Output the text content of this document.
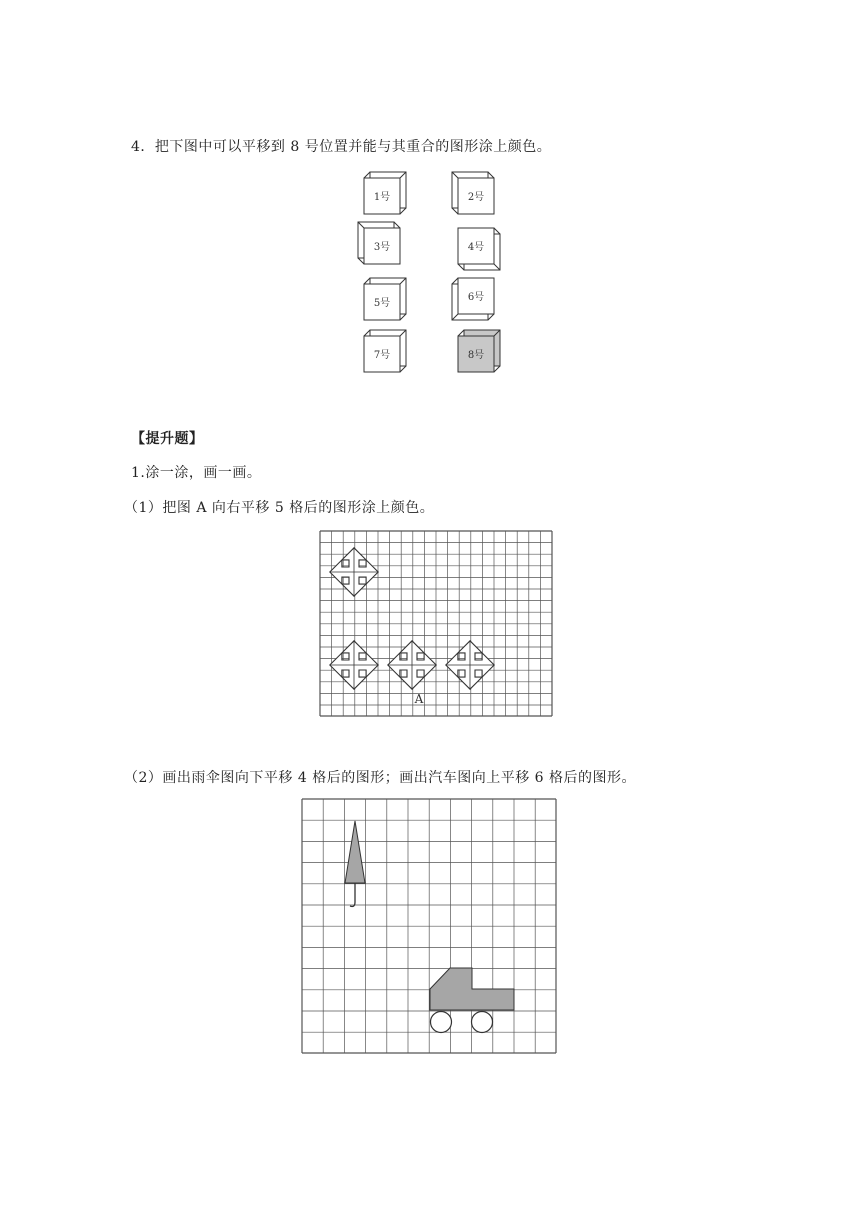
4．把下图中可以平移到 8 号位置并能与其重合的图形涂上颜色。
1号	2号
3号	4号
5号
6号
7号	8号
【提升题】
1.涂一涂，画一画。
（1）把图 A 向右平移 5 格后的图形涂上颜色。
A
（2）画出雨伞图向下平移 4 格后的图形；画出汽车图向上平移 6 格后的图形。
